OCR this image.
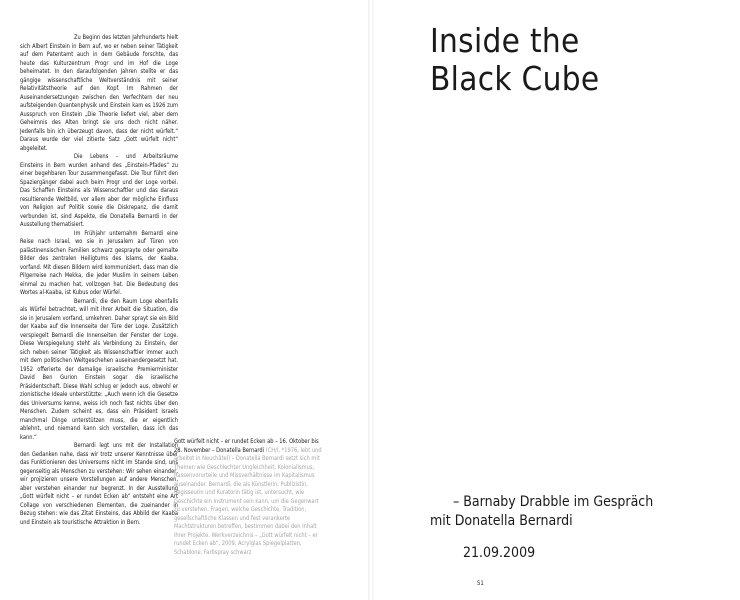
Zu Beginn des letzten Jahrhunderts hielt sich Albert Einstein in Bern auf, wo er neben seiner Tätigkeit auf dem Patentamt auch in dem Gebäude forschte, das heute das Kulturzentrum Progr und im Hof die Loge beheimatet. In den daraufolgenden Jahren stellte er das gängige wissenschaftliche Weltverständnis mit seiner Relativitätstheorie auf den Kopf. Im Rahmen der Auseinandersetzungen zwischen den Verfechtern der neu aufsteigenden Quantenphysik und Einstein kam es 1926 zum Ausspruch von Einstein „Die Theorie liefert viel, aber dem Geheimnis des Alten bringt sie uns doch nicht näher. Jedenfalls bin ich überzeugt davon, dass der nicht würfelt.“ Daraus wurde der viel zitierte Satz „Gott würfelt nicht“ abgeleitet.

Die Lebens – und Arbeitsräume Einsteins in Bern wurden anhand des „Einstein-Pfades“ zu einer begehbaren Tour zusammengefasst. Die Tour führt den Spaziergänger dabei auch beim Progr und der Loge vorbei. Das Schaffen Einsteins als Wissenschaftler und das daraus resultierende Weltbild, vor allem aber der mögliche Einfluss von Religion auf Politik sowie die Diskrepanz, die damit verbunden ist, sind Aspekte, die Donatella Bernardi in der Ausstellung thematisiert.

Im Frühjahr unternahm Bernardi eine Reise nach Israel, wo sie in Jerusalem auf Türen von palästinensischen Familien schwarz gesprayte oder gemalte Bilder des zentralen Heiligtums des Islams, der Kaaba, vorfand. Mit diesen Bildern wird kommuniziert, dass man die Pilgerreise nach Mekka, die jeder Muslim in seinem Leben einmal zu machen hat, vollzogen hat. Die Bedeutung des Wortes al-Kaaba, ist Kubus oder Würfel.

Bernardi, die den Raum Loge ebenfalls als Würfel betrachtet, will mit ihrer Arbeit die Situation, die sie in Jerusalem vorfand, umkehren. Daher sprayt sie ein Bild der Kaaba auf die Innenseite der Türe der Loge. Zusätzlich verspiegelt Bernardi die Innenseiten der Fenster der Loge. Diese Verspiegelung steht als Verbindung zu Einstein, der sich neben seiner Tätigkeit als Wissenschaftler immer auch mit dem politischen Weltgeschehen auseinandergesetzt hat. 1952 offerierte der damalige israelische Premierminister David Ben Gurion Einstein sogar die israelische Präsidentschaft. Diese Wahl schlug er jedoch aus, obwohl er zionistische Ideale unterstützte: „Auch wenn ich die Gesetze des Universums kenne, weiss ich noch fast nichts über den Menschen. Zudem scheint es, dass ein Präsident Israels manchmal Dinge unterstützen muss, die er eigentlich ablehnt, und niemand kann sich vorstellen, dass ich das kann.“

Bernardi legt uns mit der Installation den Gedanken nahe, dass wir trotz unserer Kenntnisse über das Funktionieren des Universums nicht im Stande sind, uns gegenseitig als Menschen zu verstehen: Wir sehen einander, wir projizieren unsere Vorstellungen auf andere Menschen, aber verstehen einander nur begrenzt. In der Ausstellung „Gott würfelt nicht – er rundet Ecken ab“ entsteht eine Art Collage von verschiedenen Elementen, die zueinander in Bezug stehen: wie das Zitat Einsteins, das Abbild der Kaaba und Einstein als touristische Attraktion in Bern.

Gott würfelt nicht – er rundet Ecken ab – 16. Oktober bis 28. November – Donatella Bernardi (CH/I, *1976, lebt und arbeitet in Neuchâtel) – Donatella Bernardi setzt sich mit Themen wie Geschlechter Ungleichheit, Kolonialismus, Rassenvorurteile und Missverhältnisse im Kapitalismus auseinander. Bernardi, die als Künstlerin, Publizistin, Regisseurin und Kuratorin tätig ist, untersucht, wie Geschichte ein Instrument sein kann, um die Gegenwart zu verstehen. Fragen, welche Geschichte, Tradition, gesellschaftliche Klassen und fest verankerte Machtstrukturen betreffen, bestimmen dabei den Inhalt ihrer Projekte. Werkverzeichnis – „Gott würfelt nicht – er rundet Ecken ab“, 2009, Acrylglas Spiegelplatten, Schablone, Farbspray schwarz
Inside the
Black Cube
– Barnaby Drabble im Gespräch
mit Donatella Bernardi
21.09.2009
51
